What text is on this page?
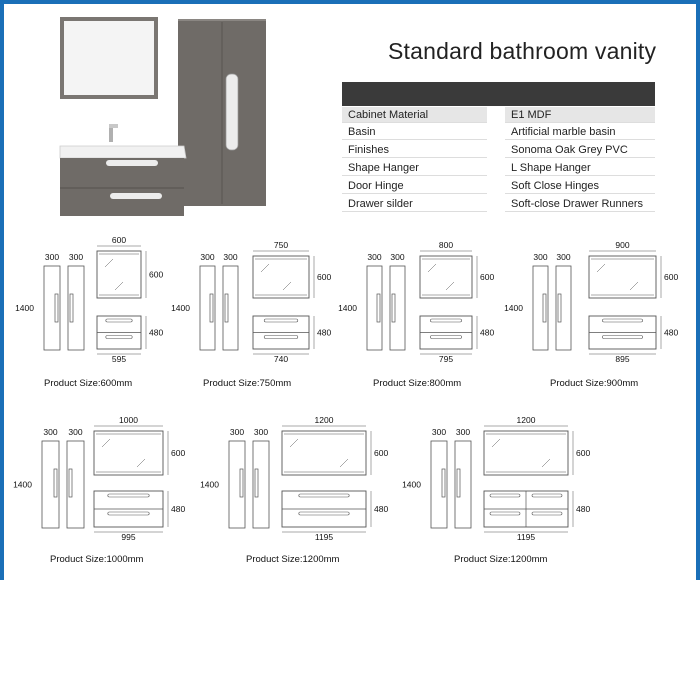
Standard bathroom vanity
Cabinet Material	E1 MDF
Basin	Artificial marble basin
Finishes	Sonoma Oak Grey PVC
Shape Hanger	L Shape Hanger
Door Hinge	Soft Close Hinges
Drawer silder	Soft-close Drawer Runners
300 300
1400
600
600
480
595
Product Size:600mm
300 300
1400
750
600
480
740
Product Size:750mm
300 300
1400
800
600
480
795
Product Size:800mm
300 300
1400
900
600
480
895
Product Size:900mm
300 300
1400
1000
600
480
995
Product Size:1000mm
300 300
1400
1200
600
480
1195
Product Size:1200mm
300 300
1400
1200
600
480
1195
Product Size:1200mm
